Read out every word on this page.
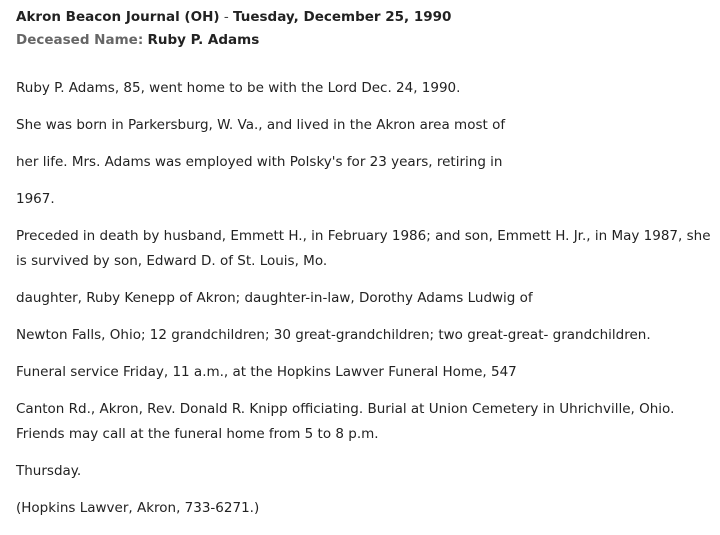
Akron Beacon Journal (OH) - Tuesday, December 25, 1990

Deceased Name: Ruby P. Adams

Ruby P. Adams, 85, went home to be with the Lord Dec. 24, 1990.

She was born in Parkersburg, W. Va., and lived in the Akron area most of

her life. Mrs. Adams was employed with Polsky's for 23 years, retiring in

1967.

Preceded in death by husband, Emmett H., in February 1986; and son, Emmett H. Jr., in May 1987, she is survived by son, Edward D. of St. Louis, Mo.

daughter, Ruby Kenepp of Akron; daughter-in-law, Dorothy Adams Ludwig of

Newton Falls, Ohio; 12 grandchildren; 30 great-grandchildren; two great-great- grandchildren.

Funeral service Friday, 11 a.m., at the Hopkins Lawver Funeral Home, 547

Canton Rd., Akron, Rev. Donald R. Knipp officiating. Burial at Union Cemetery in Uhrichville, Ohio. Friends may call at the funeral home from 5 to 8 p.m.

Thursday.

(Hopkins Lawver, Akron, 733-6271.)
